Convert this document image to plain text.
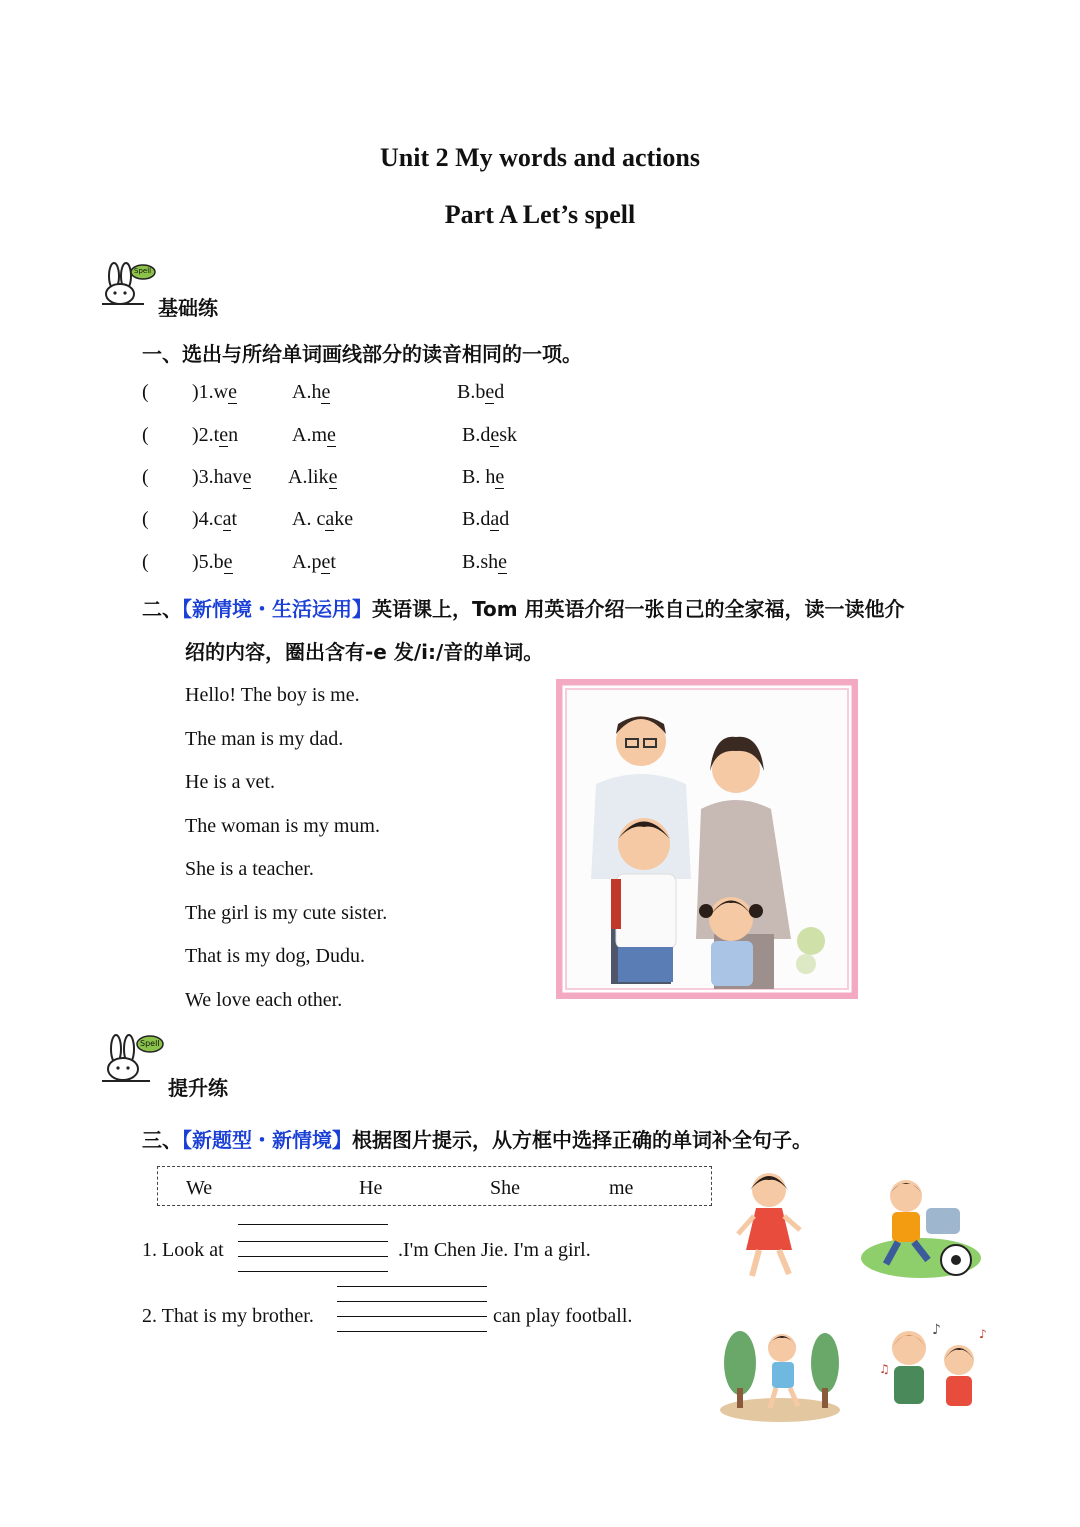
Unit 2 My words and actions
Part A Let’s spell
Spell
基础练
一、选出与所给单词画线部分的读音相同的一项。
( )1.we	A.he	B.bed
( )2.ten	A.me	B.desk
( )3.have A.like	B. he
( )4.cat	A. cake	B.dad
( )5.be	A.pet	B.she
二、【新情境・生活运用】英语课上，Tom 用英语介绍一张自己的全家福，读一读他介
绍的内容，圈出含有-e 发/i:/音的单词。
Hello! The boy is me.
The man is my dad.
He is a vet.
The woman is my mum.
She is a teacher.
The girl is my cute sister.
That is my dog, Dudu.
We love each other.
Spell
提升练
三、【新题型・新情境】根据图片提示，从方框中选择正确的单词补全句子。
We	He	She	me
1. Look at	.I'm Chen Jie. I'm a girl.
2. That is my brother.	can play football.
♪	♪
♫
